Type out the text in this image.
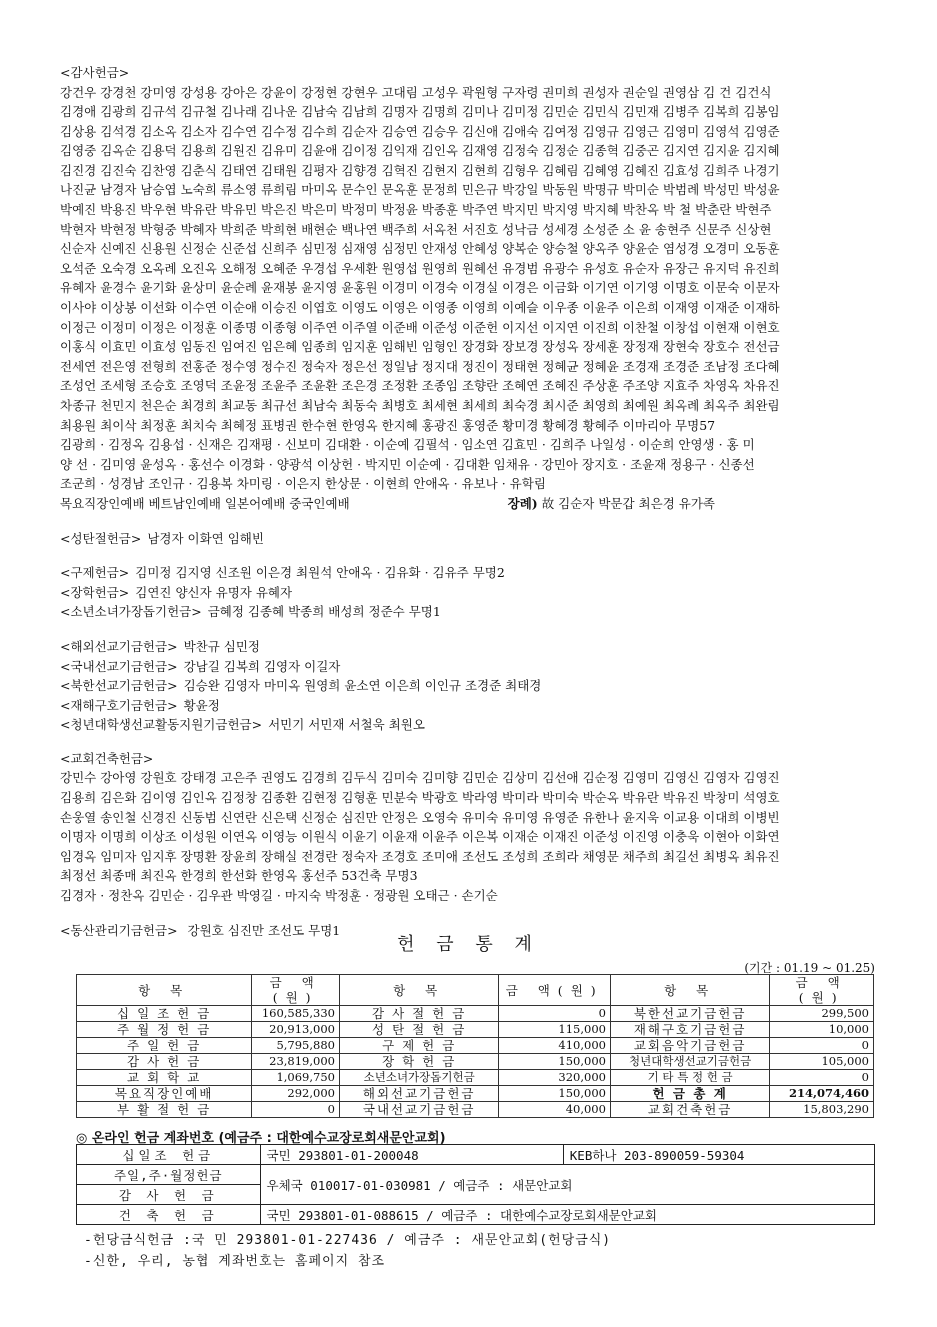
<감사헌금>
강건우 강경천 강미영 강성용 강아은 강윤이 강정현 강현우 고대림 고성우 곽원형 구자령 권미희 권성자 권순일 권영삼 김 건 김건식
김경애 김광희 김규석 김규철 김나래 김나운 김남숙 김남희 김명자 김명희 김미나 김미정 김민순 김민식 김민재 김병주 김복희 김봉임
김상용 김석경 김소옥 김소자 김수연 김수정 김수희 김순자 김승연 김승우 김신애 김애숙 김여정 김영규 김영근 김영미 김영석 김영준
김영중 김옥순 김용덕 김용희 김원진 김유미 김윤애 김이정 김익재 김인옥 김재영 김정숙 김정순 김종혁 김중곤 김지연 김지윤 김지혜
김진경 김진숙 김찬영 김춘식 김태연 김태원 김평자 김향경 김혁진 김현지 김현희 김형우 김혜림 김혜영 김혜진 김효성 김희주 나경기
나진균 남경자 남승엽 노숙희 류소영 류희림 마미옥 문수인 문옥훈 문정희 민은규 박강일 박동원 박명규 박미순 박범례 박성민 박성윤
박예진 박용진 박우현 박유란 박유민 박은진 박은미 박정미 박정윤 박종훈 박주연 박지민 박지영 박지혜 박찬옥 박 철 박춘란 박현주
박현자 박현정 박형중 박혜자 박희준 박희현 배현순 백나연 백주희 서옥천 서진호 성낙금 성세경 소성준 소 윤 송현주 신문주 신상현
신순자 신예진 신용원 신정순 신준섭 신희주 심민정 심재영 심정민 안재성 안혜성 양복순 양승철 양옥주 양윤순 염성경 오경미 오동훈
오석준 오숙경 오옥례 오진옥 오해정 오혜준 우경섭 우세환 원영섭 원영희 원혜선 유경범 유광수 유성호 유순자 유장근 유지덕 유진희
유혜자 윤경수 윤기화 윤상미 윤순례 윤재봉 윤지영 윤홍원 이경미 이경숙 이경실 이경은 이금화 이기연 이기영 이명호 이문숙 이문자
이사야 이상봉 이선화 이수연 이순애 이승진 이엽호 이영도 이영은 이영종 이영희 이예슬 이우종 이윤주 이은희 이재영 이재준 이재하
이정근 이정미 이정은 이정훈 이종명 이종형 이주연 이주열 이준배 이준성 이준헌 이지선 이지연 이진희 이찬철 이창섭 이현재 이현호
이홍식 이효민 이효성 임동진 임여진 임은혜 임종희 임지훈 임해빈 임형인 장경화 장보경 장성옥 장세훈 장정재 장현숙 장호수 전선금
전세연 전은영 전형희 전홍준 정수영 정수진 정숙자 정은선 정일남 정지대 정진이 정태현 정혜균 정혜윤 조경재 조경준 조남정 조다혜
조성언 조세형 조승호 조영덕 조윤정 조윤주 조윤환 조은경 조정환 조종임 조향란 조혜연 조혜진 주상훈 주조양 지효주 차영옥 차유진
차종규 천민지 천은순 최경희 최교동 최규선 최남숙 최동숙 최병호 최세현 최세희 최숙경 최시준 최영희 최예원 최옥례 최옥주 최완림
최용원 최이삭 최정훈 최치숙 최혜정 표병권 한수현 한영옥 한지혜 홍광진 홍영준 황미경 황혜경 황혜주 이마리아 무명57
김광희 · 김정옥 김용섭 · 신재은 김재평 · 신보미 김대환 · 이순예 김필석 · 임소연 김효민 · 김희주 나일성 · 이순희 안영생 · 홍 미
양 선 · 김미영 윤성옥 · 홍선수 이경화 · 양광석 이상헌 · 박지민 이순예 · 김대환 임채유 · 강민아 장지호 · 조윤재 정용구 · 신종선
조군희 · 성경남 조인규 · 김용복 차미링 · 이은지 한상문 · 이현희 안애옥 · 유보나 · 유학림
목요직장인예배 베트남인예배 일본어예배 중국인예배	장례) 故 김순자 박문갑 최은경 유가족
<성탄절헌금> 남경자 이화연 임해빈
<구제헌금> 김미정 김지영 신조원 이은경 최원석 안애옥 · 김유화 · 김유주 무명2
<장학헌금> 김연진 양신자 유명자 유혜자
<소년소녀가장돕기헌금> 금혜정 김종혜 박종희 배성희 정준수 무명1
<해외선교기금헌금> 박찬규 심민정
<국내선교기금헌금> 강남길 김복희 김영자 이길자
<북한선교기금헌금> 김승완 김영자 마미옥 원영희 윤소연 이은희 이인규 조경준 최태경
<재해구호기금헌금> 황윤정
<청년대학생선교활동지원기금헌금> 서민기 서민재 서철욱 최원오
<교회건축헌금>
강민수 강아영 강원호 강태경 고은주 권영도 김경희 김두식 김미숙 김미향 김민순 김상미 김선애 김순정 김영미 김영신 김영자 김영진
김용희 김은화 김이영 김인옥 김정창 김종환 김현정 김형훈 민분숙 박광호 박라영 박미라 박미숙 박순옥 박유란 박유진 박창미 석영호
손웅열 송인철 신경진 신동범 신연란 신은택 신정순 심진만 안정은 오영숙 유미숙 유미영 유영준 유한나 윤지욱 이교용 이대희 이병빈
이명자 이명희 이상조 이성원 이연옥 이영능 이원식 이윤기 이윤재 이윤주 이은복 이재순 이재진 이준성 이진영 이충욱 이현아 이화연
임경옥 임미자 임지후 장명환 장윤희 장해실 전경란 정숙자 조경호 조미애 조선도 조성희 조희라 채영문 채주희 최길선 최병옥 최유진
최정선 최종매 최진옥 한경희 한선화 한영옥 홍선주 53건축 무명3
김경자 · 정찬옥 김민순 · 김우관 박영길 · 마지숙 박정훈 · 정광원 오태근 · 손기순
<동산관리기금헌금> 강원호 심진만 조선도 무명1
헌 금 통 계
(기간 : 01.19 ~ 01.25)
항 목	금 액(원)	항 목	금 액(원)	항 목	금 액(원)
십 일 조 헌 금	160,585,330	감 사 절 헌 금	0	북한선교기금헌금	299,500
주 월 정 헌 금	20,913,000	성 탄 절 헌 금	115,000	재해구호기금헌금	10,000
주 일 헌 금	5,795,880	구 제 헌 금	410,000	교회음악기금헌금	0
감 사 헌 금	23,819,000	장 학 헌 금	150,000	청년대학생선교기금헌금	105,000
교 회 학 교	1,069,750	소년소녀가장돕기헌금	320,000	기 타 특 정 헌 금	0
목요직장인예배	292,000	해외선교기금헌금	150,000	헌 금 총 계	214,074,460
부 활 절 헌 금	0	국내선교기금헌금	40,000	교회건축헌금	15,803,290
◎ 온라인 헌금 계좌번호 (예금주 : 대한예수교장로회새문안교회)
십일조 헌금	국민 293801-01-200048	KEB하나 203-890059-59304
주일,주·월정헌금	우체국 010017-01-030981 / 예금주 : 새문안교회	
감 사 헌 금		
건 축 헌 금	국민 293801-01-088615 / 예금주 : 대한예수교장로회새문안교회	
-헌당금식헌금 :국 민 293801-01-227436 / 예금주 : 새문안교회(헌당금식)
-신한, 우리, 농협 계좌번호는 홈페이지 참조
